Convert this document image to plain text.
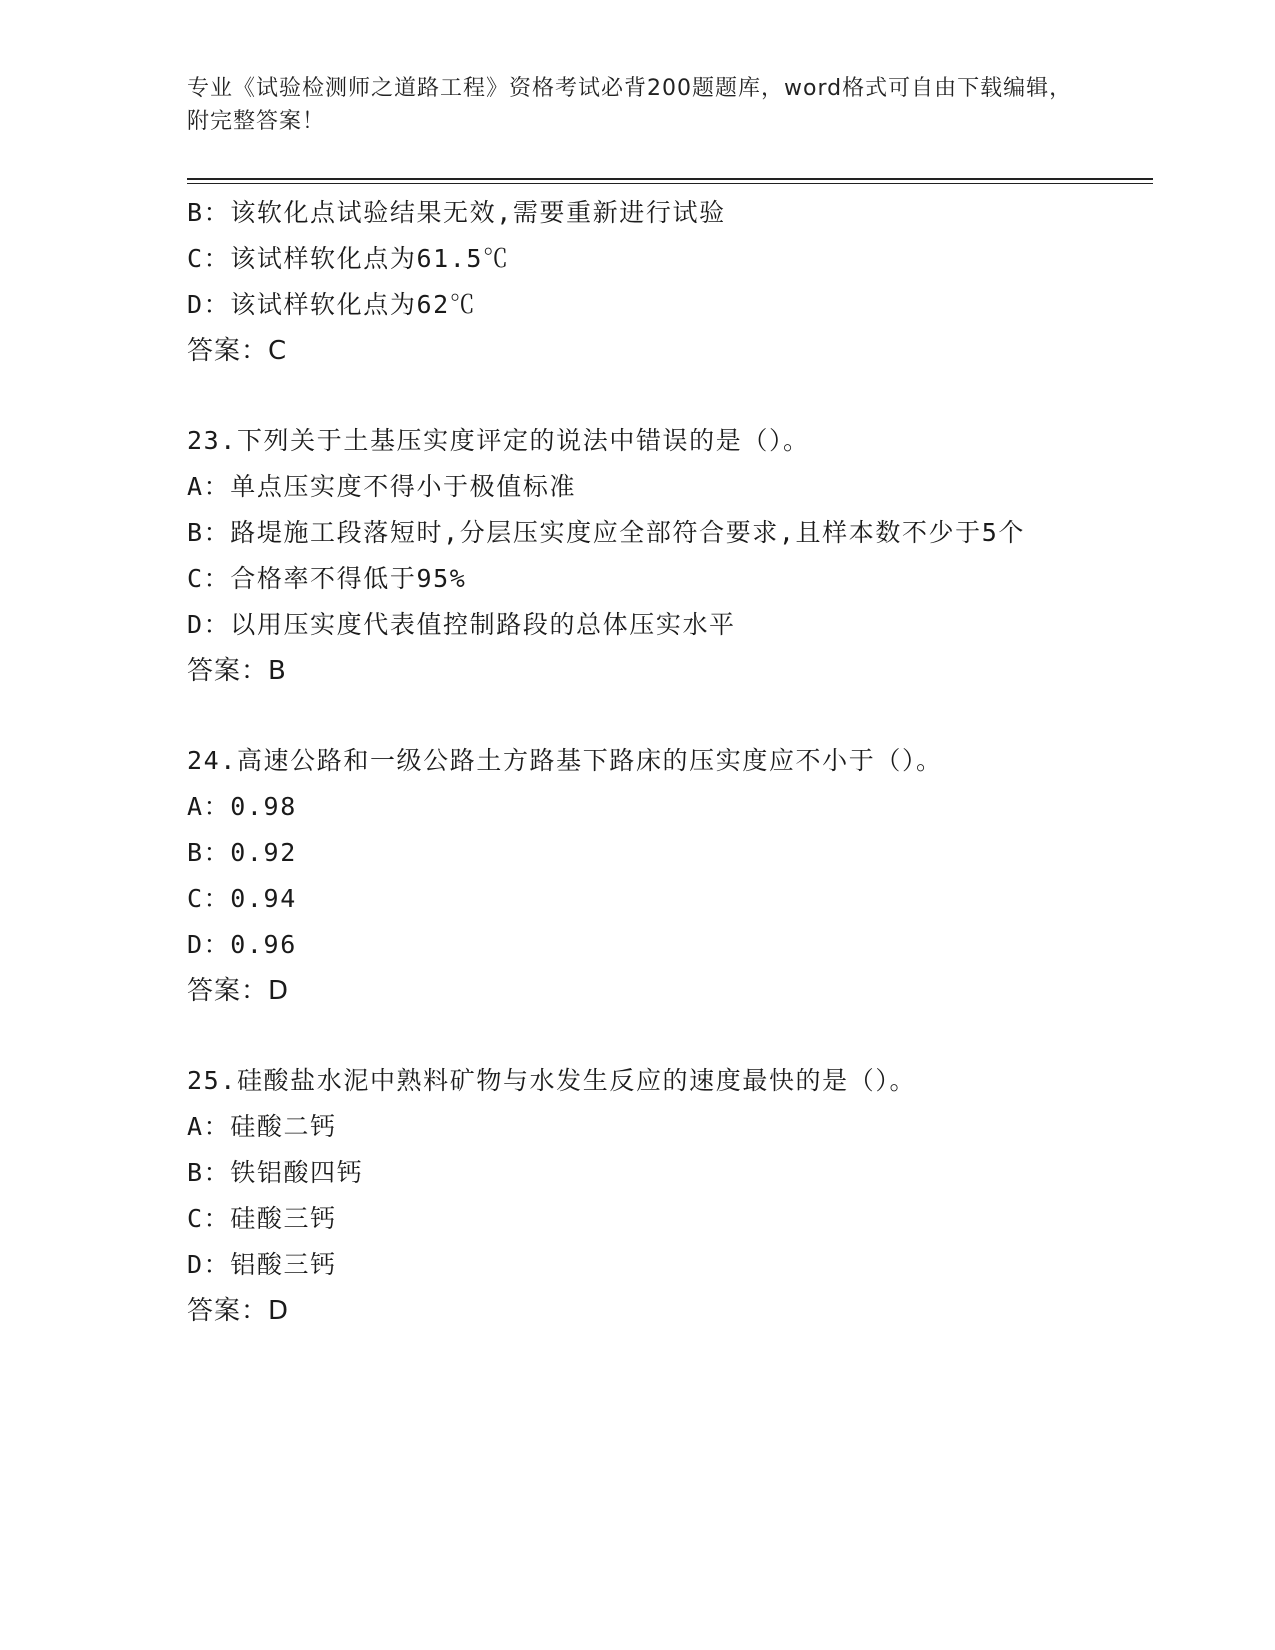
专业《试验检测师之道路工程》资格考试必背200题题库，word格式可自由下载编辑，附完整答案！
B：该软化点试验结果无效,需要重新进行试验
C：该试样软化点为61.5℃
D：该试样软化点为62℃
答案：C
23.下列关于土基压实度评定的说法中错误的是（）。
A：单点压实度不得小于极值标准
B：路堤施工段落短时,分层压实度应全部符合要求,且样本数不少于5个
C：合格率不得低于95%
D：以用压实度代表值控制路段的总体压实水平
答案：B
24.高速公路和一级公路土方路基下路床的压实度应不小于（）。
A：0.98
B：0.92
C：0.94
D：0.96
答案：D
25.硅酸盐水泥中熟料矿物与水发生反应的速度最快的是（）。
A：硅酸二钙
B：铁铝酸四钙
C：硅酸三钙
D：铝酸三钙
答案：D
